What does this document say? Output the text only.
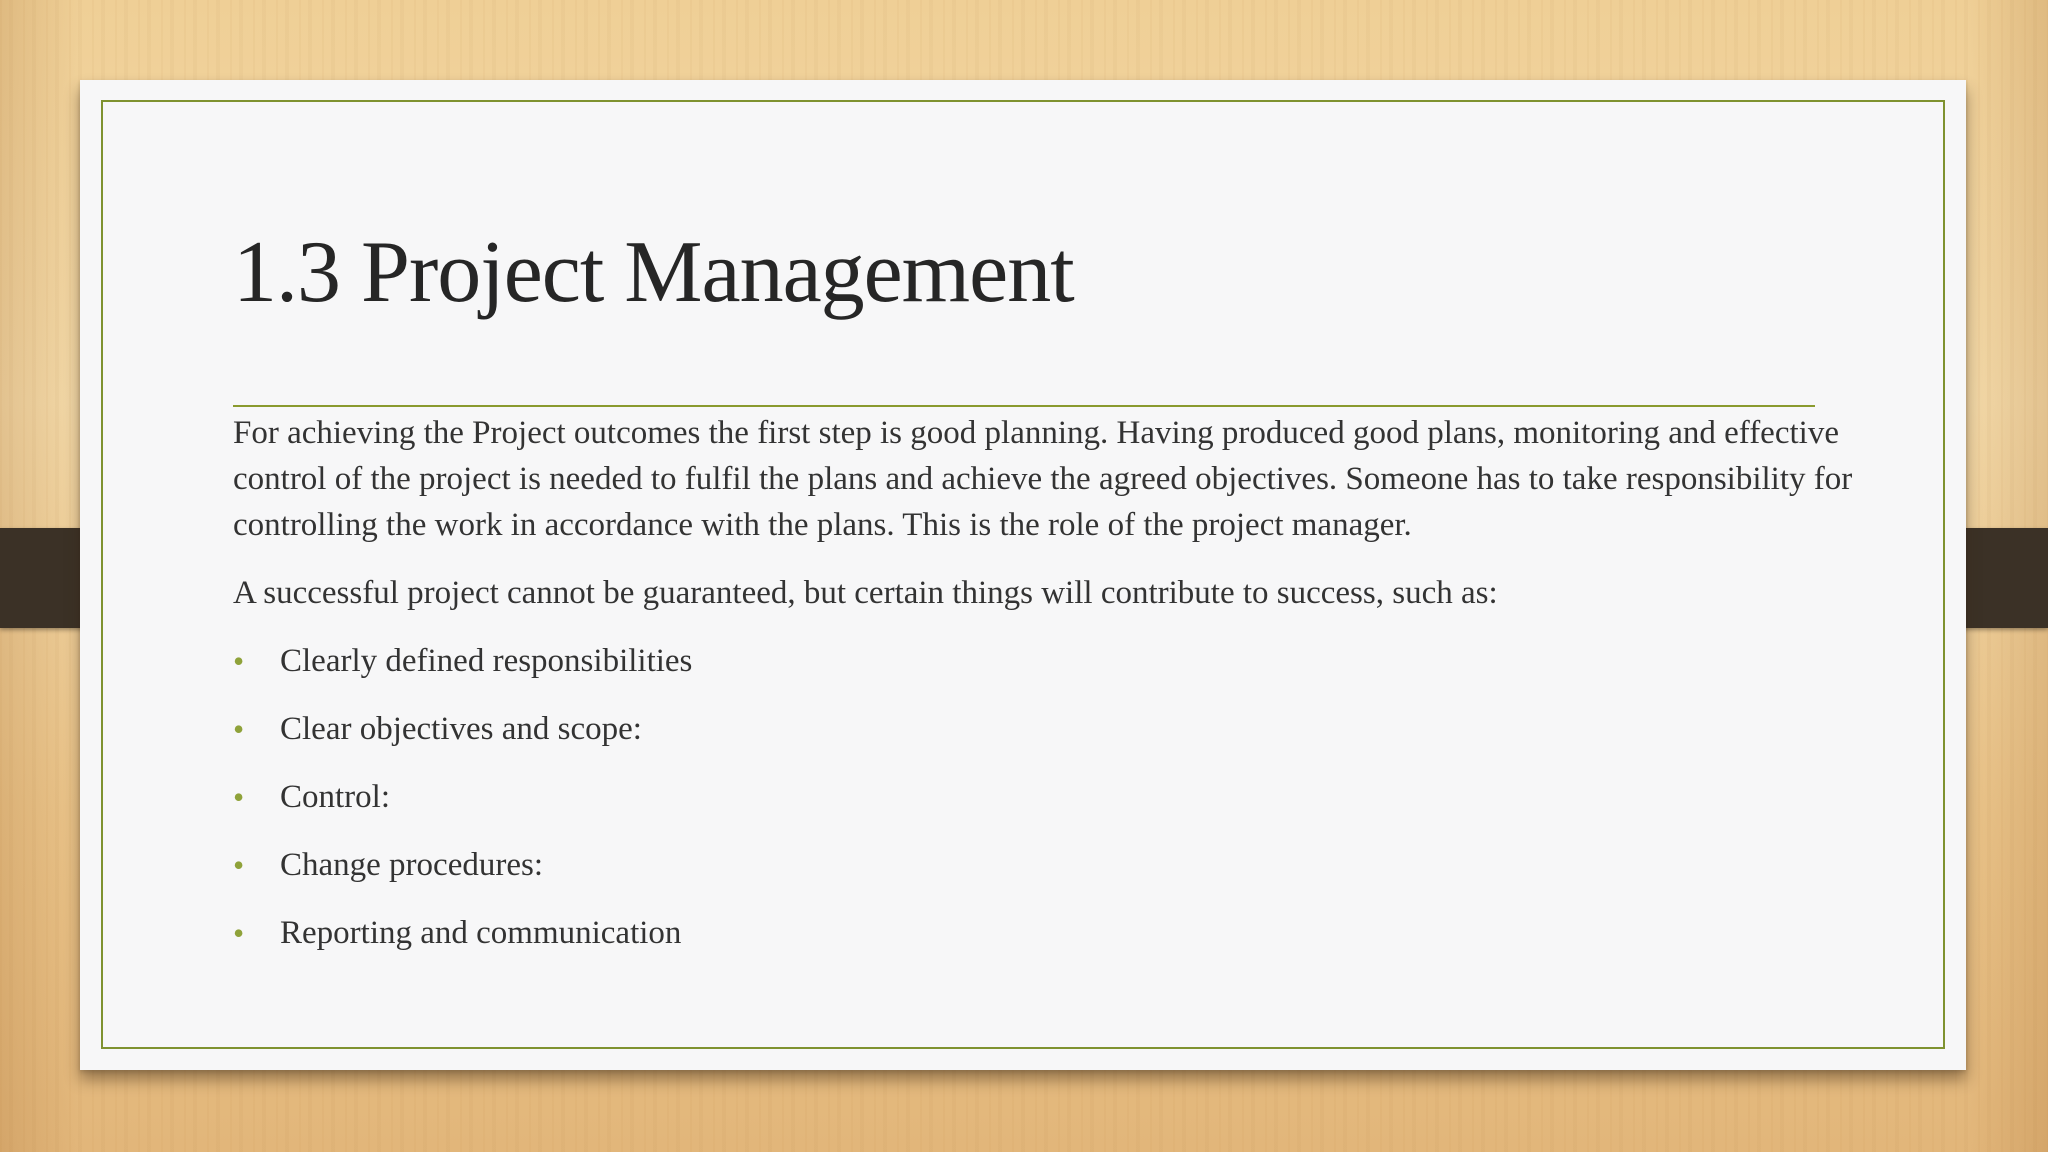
1.3 Project Management

For achieving the Project outcomes the first step is good planning. Having produced good plans, monitoring and effective control of the project is needed to fulfil the plans and achieve the agreed objectives. Someone has to take responsibility for controlling the work in accordance with the plans. This is the role of the project manager.

A successful project cannot be guaranteed, but certain things will contribute to success, such as:

• Clearly defined responsibilities
• Clear objectives and scope:
• Control:
• Change procedures:
• Reporting and communication
